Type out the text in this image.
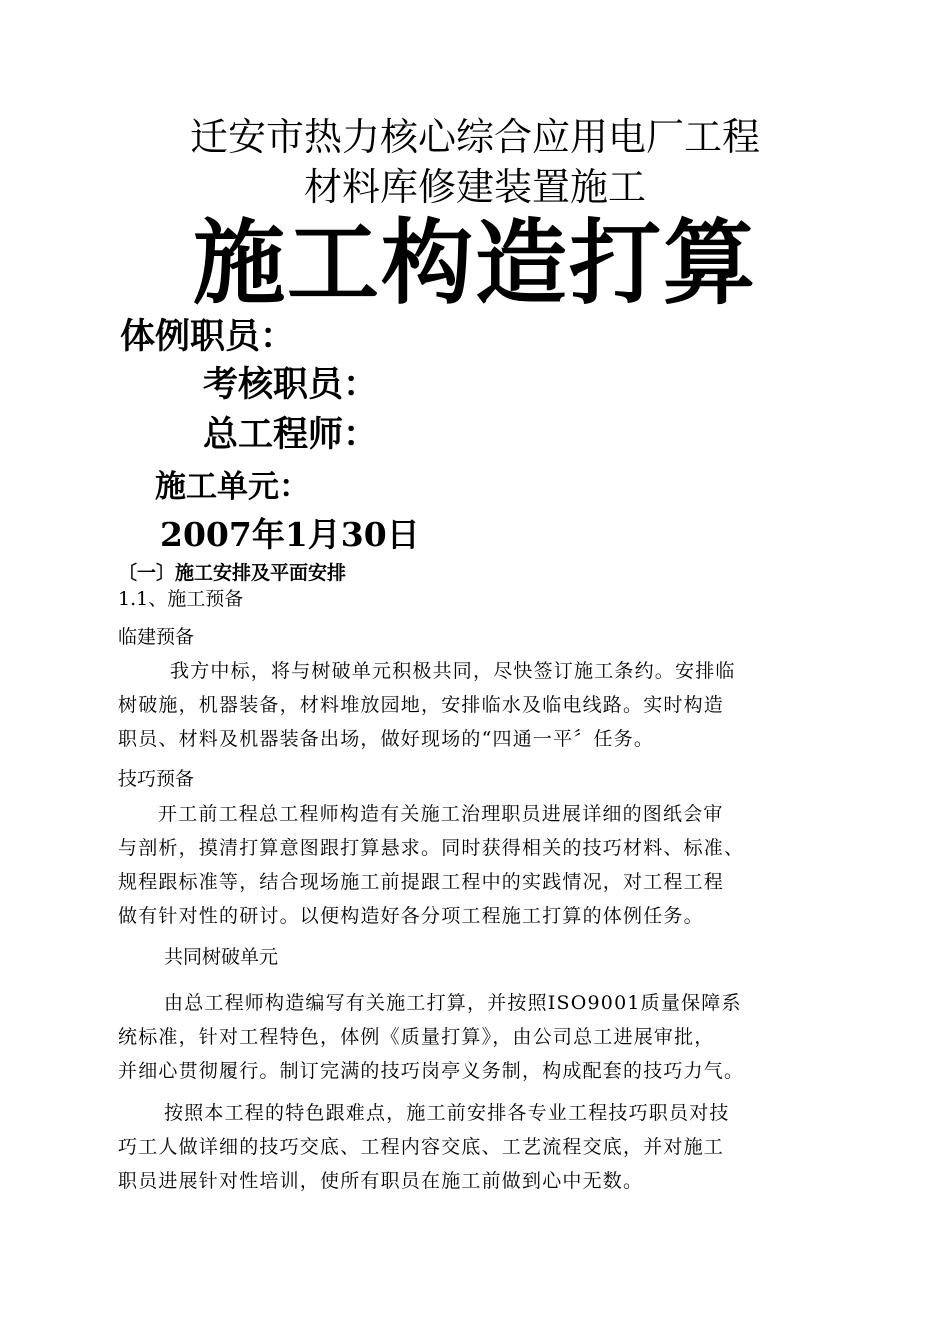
迁安市热力核心综合应用电厂工程
材料库修建装置施工
施工构造打算
体例职员：
考核职员：
总工程师：
施工单元：
2007年1月30日
〔一〕施工安排及平面安排
1.1、施工预备
临建预备

我方中标，将与树破单元积极共同，尽快签订施工条约。安排临

树破施，机器装备，材料堆放园地，安排临水及临电线路。实时构造

职员、材料及机器装备出场，做好现场的“四通一平〞任务。

技巧预备

开工前工程总工程师构造有关施工治理职员进展详细的图纸会审

与剖析，摸清打算意图跟打算悬求。同时获得相关的技巧材料、标准、

规程跟标准等，结合现场施工前提跟工程中的实践情况，对工程工程

做有针对性的研讨。以便构造好各分项工程施工打算的体例任务。

共同树破单元

由总工程师构造编写有关施工打算，并按照ISO9001质量保障系

统标准，针对工程特色，体例《质量打算》，由公司总工进展审批，

并细心贯彻履行。制订完满的技巧岗亭义务制，构成配套的技巧力气。

按照本工程的特色跟难点，施工前安排各专业工程技巧职员对技

巧工人做详细的技巧交底、工程内容交底、工艺流程交底，并对施工

职员进展针对性培训，使所有职员在施工前做到心中无数。
